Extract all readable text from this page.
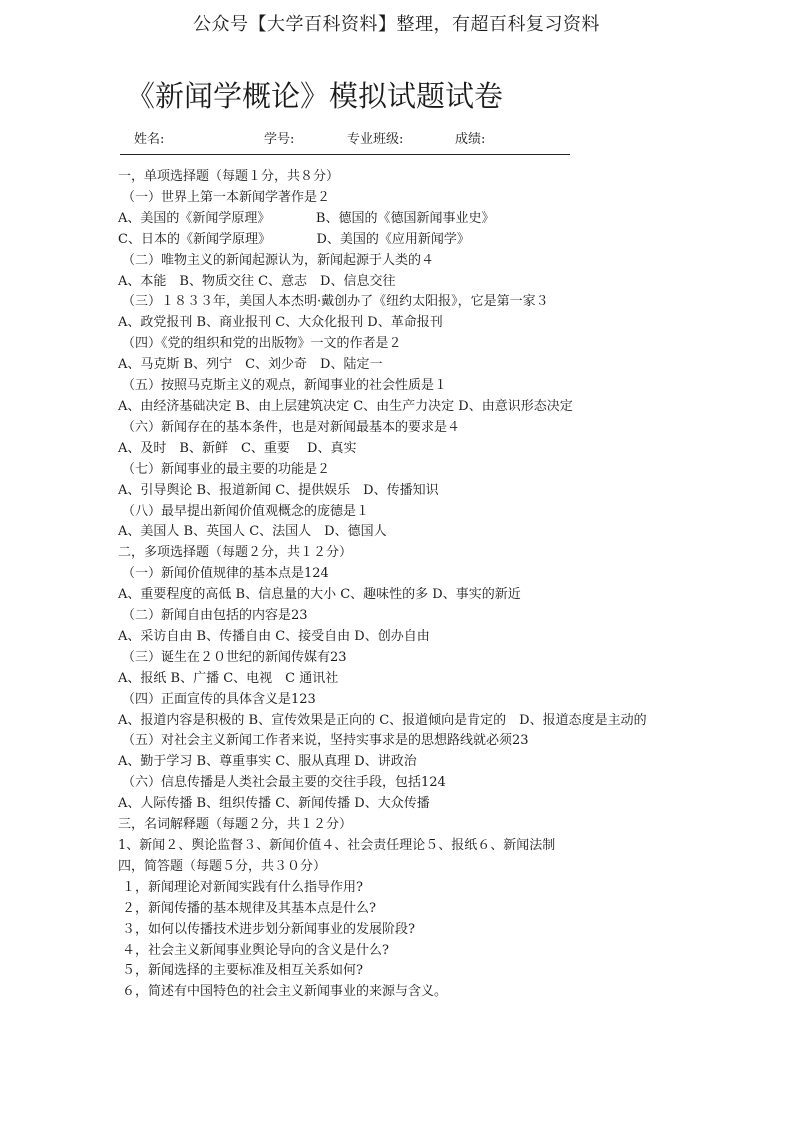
公众号【大学百科资料】整理，有超百科复习资料
《新闻学概论》模拟试题试卷
姓名:	学号:	专业班级:	成绩:
一，单项选择题（每题１分，共８分）
（一）世界上第一本新闻学著作是２
A、美国的《新闻学原理》　　　　B、德国的《德国新闻事业史》
C、日本的《新闻学原理》　　　　D、美国的《应用新闻学》
（二）唯物主义的新闻起源认为，新闻起源于人类的４
A、本能　B、物质交往 C、意志　D、信息交往
（三）１８３３年，美国人本杰明·戴创办了《纽约太阳报》，它是第一家３
A、政党报刊 B、商业报刊 C、大众化报刊 D、革命报刊
（四）《党的组织和党的出版物》一文的作者是２
A、马克斯 B、列宁　C、刘少奇　D、陆定一
（五）按照马克斯主义的观点，新闻事业的社会性质是１
A、由经济基础决定 B、由上层建筑决定 C、由生产力决定 D、由意识形态决定
（六）新闻存在的基本条件，也是对新闻最基本的要求是４
A、及时　B、新鲜　C、重要　 D、真实
（七）新闻事业的最主要的功能是２
A、引导舆论 B、报道新闻 C、提供娱乐　D、传播知识
（八）最早提出新闻价值观概念的庞德是１
A、美国人 B、英国人 C、法国人　D、德国人
二，多项选择题（每题２分，共１２分）
（一）新闻价值规律的基本点是124
A、重要程度的高低 B、信息量的大小 C、趣味性的多 D、事实的新近
（二）新闻自由包括的内容是23
A、采访自由 B、传播自由 C、接受自由 D、创办自由
（三）诞生在２０世纪的新闻传媒有23
A、报纸 B、广播 C、电视　C 通讯社
（四）正面宣传的具体含义是123
A、报道内容是积极的 B、宣传效果是正向的 C、报道倾向是肯定的　D、报道态度是主动的
（五）对社会主义新闻工作者来说，坚持实事求是的思想路线就必须23
A、勤于学习 B、尊重事实 C、服从真理 D、讲政治
（六）信息传播是人类社会最主要的交往手段，包括124
A、人际传播 B、组织传播 C、新闻传播 D、大众传播
三，名词解释题（每题２分，共１２分）
1、新闻２、舆论监督３、新闻价值４、社会责任理论５、报纸６、新闻法制
四，简答题（每题５分，共３０分）
１，新闻理论对新闻实践有什么指导作用?
２，新闻传播的基本规律及其基本点是什么?
３，如何以传播技术进步划分新闻事业的发展阶段?
４，社会主义新闻事业舆论导向的含义是什么?
５，新闻选择的主要标准及相互关系如何?
６，简述有中国特色的社会主义新闻事业的来源与含义。
